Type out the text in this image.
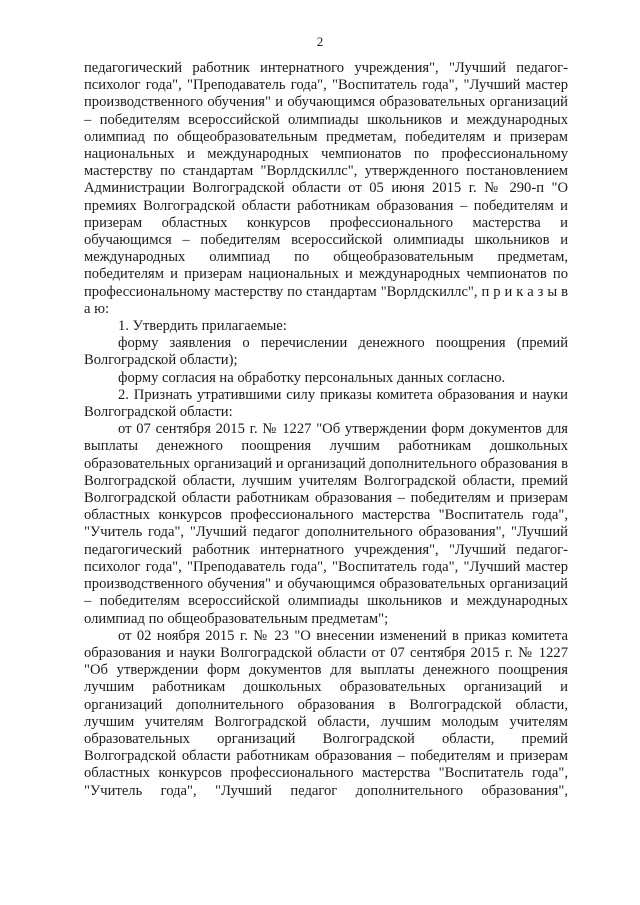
2

педагогический работник интернатного учреждения", "Лучший педагог-психолог года", "Преподаватель года", "Воспитатель года", "Лучший мастер производственного обучения" и обучающимся образовательных организаций – победителям всероссийской олимпиады школьников и международных олимпиад по общеобразовательным предметам, победителям и призерам национальных и международных чемпионатов по профессиональному мастерству по стандартам "Ворлдскиллс", утвержденного постановлением Администрации Волгоградской области от 05 июня 2015 г. № 290-п "О премиях Волгоградской области работникам образования – победителям и призерам областных конкурсов профессионального мастерства и обучающимся – победителям всероссийской олимпиады школьников и международных олимпиад по общеобразовательным предметам, победителям и призерам национальных и международных чемпионатов по профессиональному мастерству по стандартам "Ворлдскиллс", п р и к а з ы в а ю:

1. Утвердить прилагаемые:

форму заявления о перечислении денежного поощрения (премий Волгоградской области);

форму согласия на обработку персональных данных согласно.

2. Признать утратившими силу приказы комитета образования и науки Волгоградской области:

от 07 сентября 2015 г. № 1227 "Об утверждении форм документов для выплаты денежного поощрения лучшим работникам дошкольных образовательных организаций и организаций дополнительного образования в Волгоградской области, лучшим учителям Волгоградской области, премий Волгоградской области работникам образования – победителям и призерам областных конкурсов профессионального мастерства "Воспитатель года", "Учитель года", "Лучший педагог дополнительного образования", "Лучший педагогический работник интернатного учреждения", "Лучший педагог-психолог года", "Преподаватель года", "Воспитатель года", "Лучший мастер производственного обучения" и обучающимся образовательных организаций – победителям всероссийской олимпиады школьников и международных олимпиад по общеобразовательным предметам";

от 02 ноября 2015 г. № 23 "О внесении изменений в приказ комитета образования и науки Волгоградской области от 07 сентября 2015 г. № 1227 "Об утверждении форм документов для выплаты денежного поощрения лучшим работникам дошкольных образовательных организаций и организаций дополнительного образования в Волгоградской области, лучшим учителям Волгоградской области, лучшим молодым учителям образовательных организаций Волгоградской области, премий Волгоградской области работникам образования – победителям и призерам областных конкурсов профессионального мастерства "Воспитатель года", "Учитель года", "Лучший педагог дополнительного образования",
